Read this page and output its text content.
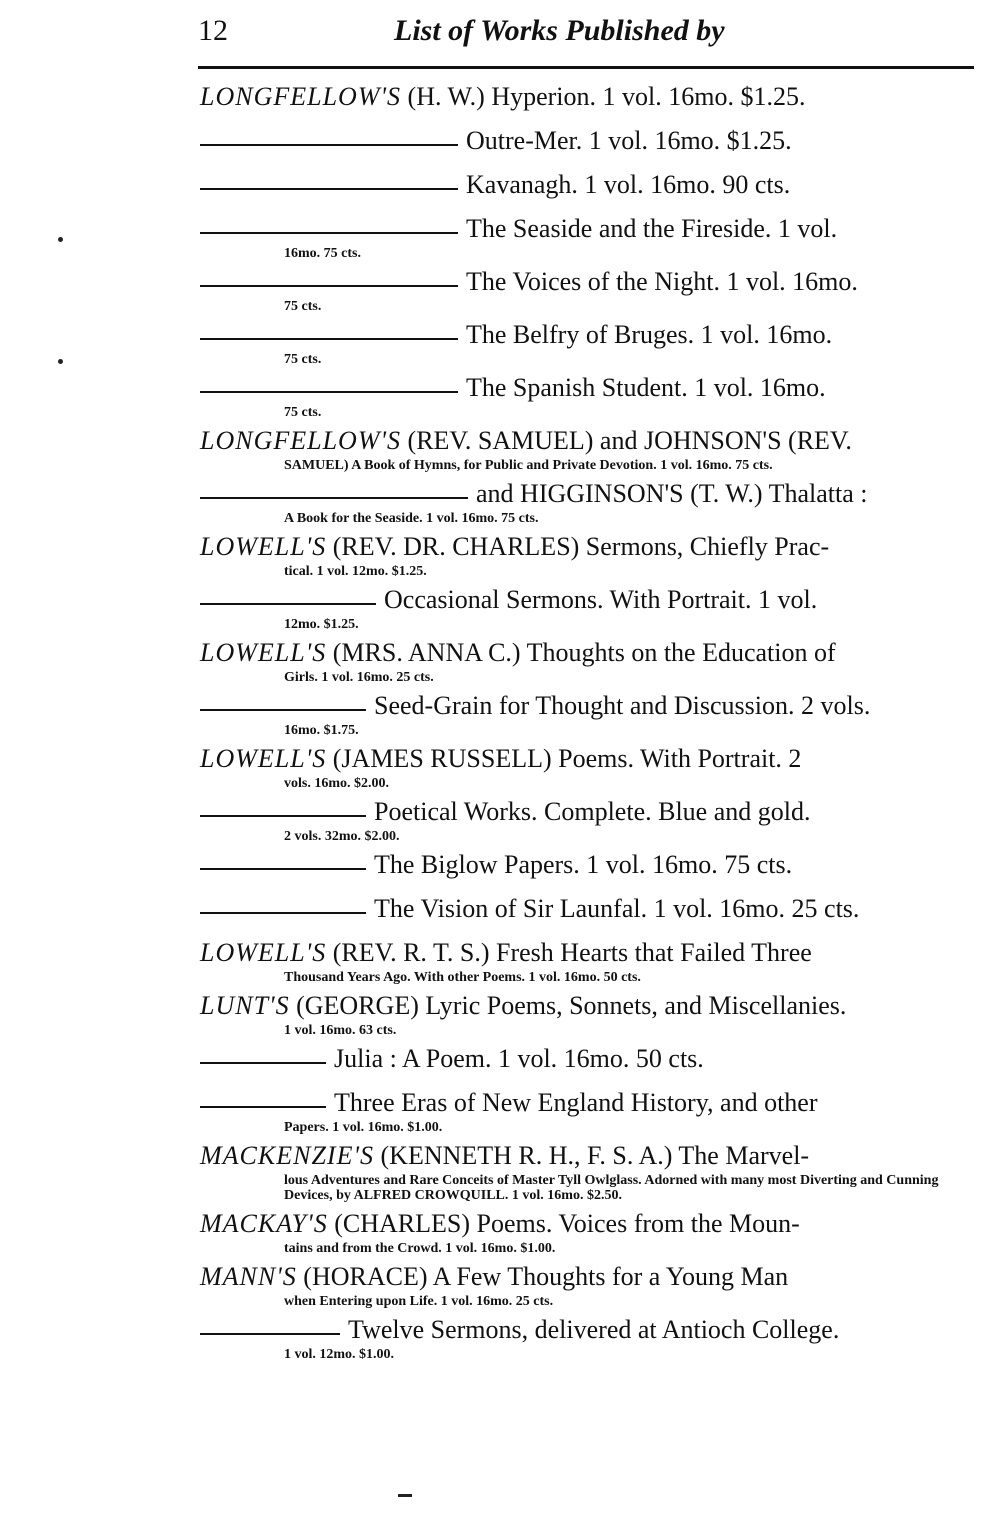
12	List of Works Published by
LONGFELLOW'S (H. W.) Hyperion. 1 vol. 16mo. $1.25.
Outre-Mer. 1 vol. 16mo. $1.25.
Kavanagh. 1 vol. 16mo. 90 cts.
The Seaside and the Fireside. 1 vol.
16mo. 75 cts.
The Voices of the Night. 1 vol. 16mo.
75 cts.
The Belfry of Bruges. 1 vol. 16mo.
75 cts.
The Spanish Student. 1 vol. 16mo.
75 cts.
LONGFELLOW'S (REV. SAMUEL) and JOHNSON'S (REV.
SAMUEL) A Book of Hymns, for Public and Private Devotion. 1 vol. 16mo. 75 cts.
and HIGGINSON'S (T. W.) Thalatta :
A Book for the Seaside. 1 vol. 16mo. 75 cts.
LOWELL'S (REV. DR. CHARLES) Sermons, Chiefly Prac-
tical. 1 vol. 12mo. $1.25.
Occasional Sermons. With Portrait. 1 vol.
12mo. $1.25.
LOWELL'S (MRS. ANNA C.) Thoughts on the Education of
Girls. 1 vol. 16mo. 25 cts.
Seed-Grain for Thought and Discussion. 2 vols.
16mo. $1.75.
LOWELL'S (JAMES RUSSELL) Poems. With Portrait. 2
vols. 16mo. $2.00.
Poetical Works. Complete. Blue and gold.
2 vols. 32mo. $2.00.
The Biglow Papers. 1 vol. 16mo. 75 cts.
The Vision of Sir Launfal. 1 vol. 16mo. 25 cts.
LOWELL'S (REV. R. T. S.) Fresh Hearts that Failed Three
Thousand Years Ago. With other Poems. 1 vol. 16mo. 50 cts.
LUNT'S (GEORGE) Lyric Poems, Sonnets, and Miscellanies.
1 vol. 16mo. 63 cts.
Julia : A Poem. 1 vol. 16mo. 50 cts.
Three Eras of New England History, and other
Papers. 1 vol. 16mo. $1.00.
MACKENZIE'S (KENNETH R. H., F. S. A.) The Marvel-
lous Adventures and Rare Conceits of Master Tyll Owlglass. Adorned with many most Diverting and Cunning Devices, by ALFRED CROWQUILL. 1 vol. 16mo. $2.50.
MACKAY'S (CHARLES) Poems. Voices from the Moun-
tains and from the Crowd. 1 vol. 16mo. $1.00.
MANN'S (HORACE) A Few Thoughts for a Young Man
when Entering upon Life. 1 vol. 16mo. 25 cts.
Twelve Sermons, delivered at Antioch College.
1 vol. 12mo. $1.00.
